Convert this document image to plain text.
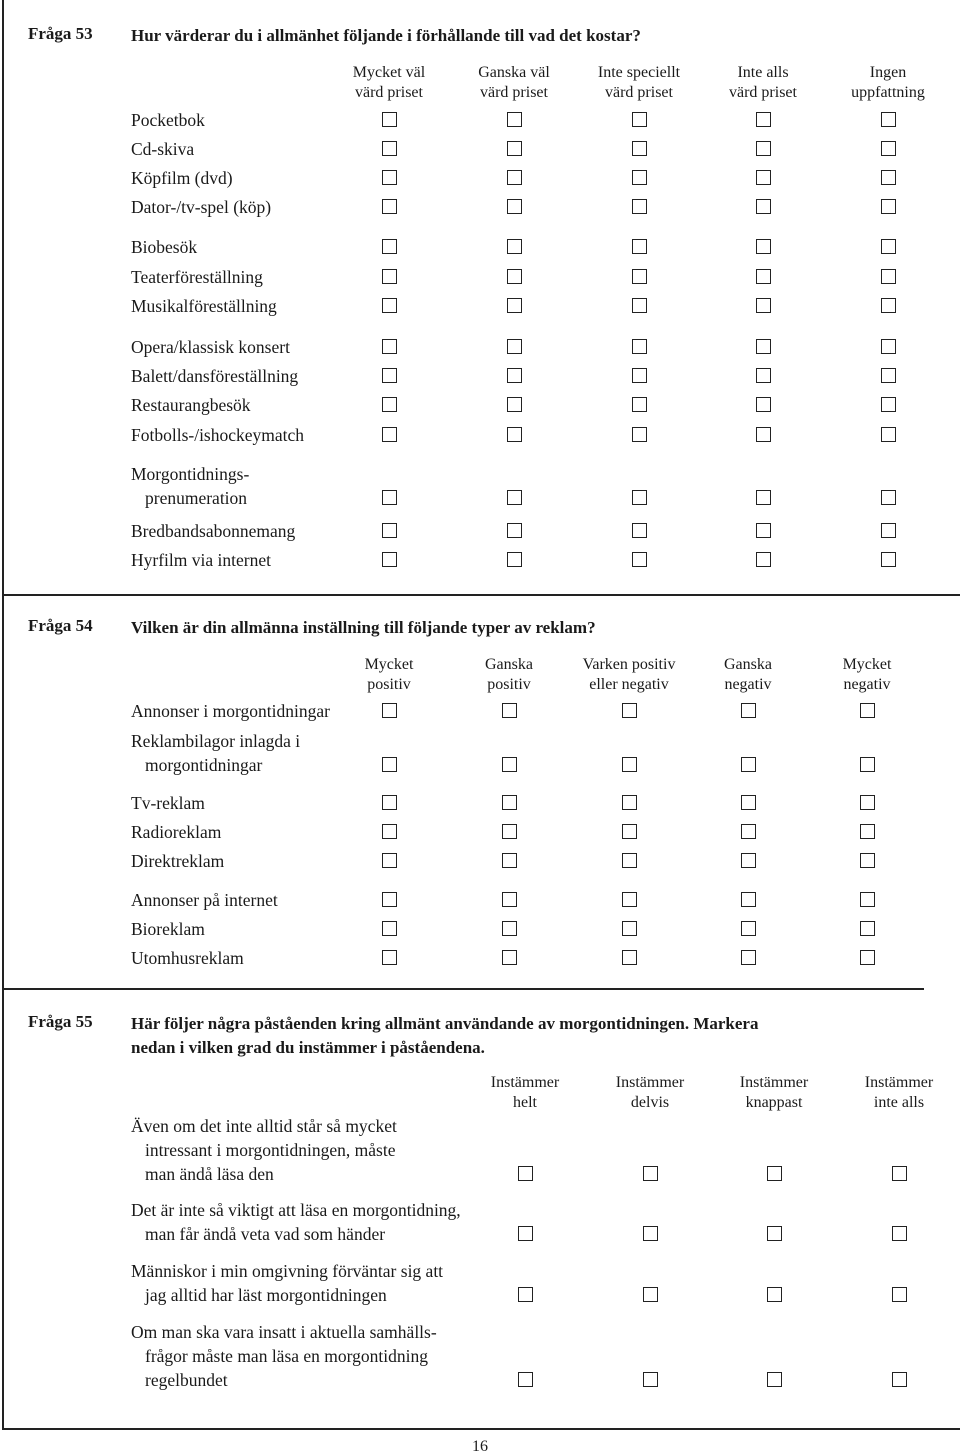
Fråga 53 Hur värderar du i allmänhet följande i förhållande till vad det kostar?
Mycket väl
värd priset
Ganska väl
värd priset
Inte speciellt
värd priset
Inte alls
värd priset
Ingen
uppfattning
Pocketbok
Cd-skiva
Köpfilm (dvd)
Dator-/tv-spel (köp)
Biobesök
Teaterföreställning
Musikalföreställning
Opera/klassisk konsert
Balett/dansföreställning
Restaurangbesök
Fotbolls-/ishockeymatch
Morgontidnings-
prenumeration
Bredbandsabonnemang
Hyrfilm via internet
Fråga 54 Vilken är din allmänna inställning till följande typer av reklam?
Mycket
positiv
Ganska
positiv
Varken positiv
eller negativ
Ganska
negativ
Mycket
negativ
Annonser i morgontidningar
Reklambilagor inlagda i
morgontidningar
Tv-reklam
Radioreklam
Direktreklam
Annonser på internet
Bioreklam
Utomhusreklam
Fråga 55 Här följer några påståenden kring allmänt användande av morgontidningen. Markera
nedan i vilken grad du instämmer i påståendena.
Instämmer
helt
Instämmer
delvis
Instämmer
knappast
Instämmer
inte alls
Även om det inte alltid står så mycket
intressant i morgontidningen, måste
man ändå läsa den
Det är inte så viktigt att läsa en morgontidning,
man får ändå veta vad som händer
Människor i min omgivning förväntar sig att
jag alltid har läst morgontidningen
Om man ska vara insatt i aktuella samhälls-
frågor måste man läsa en morgontidning
regelbundet
16
